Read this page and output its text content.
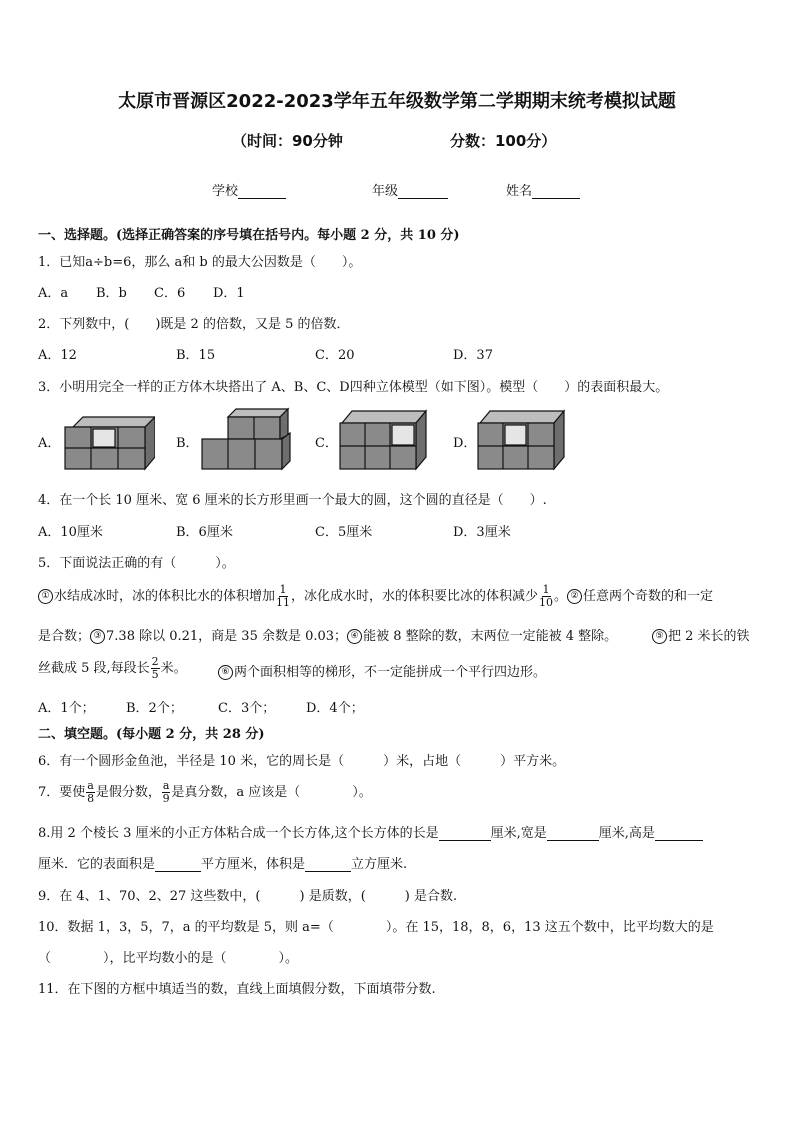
太原市晋源区2022-2023学年五年级数学第二学期期末统考模拟试题
（时间：90分钟	分数：100分）
学校	年级	姓名
一、选择题。(选择正确答案的序号填在括号内。每小题 2 分，共 10 分)
1．已知a÷b=6，那么 a和 b 的最大公因数是（　　）。
A．a B．b C．6 D．1
2．下列数中，(　　)既是 2 的倍数，又是 5 的倍数．
A．12	B．15	C．20	D．37
3．小明用完全一样的正方体木块搭出了 A、B、C、D四种立体模型（如下图）。模型（　　）的表面积最大。
A．	B．	C．	D．
4．在一个长 10 厘米、宽 6 厘米的长方形里画一个最大的圆，这个圆的直径是（　　）.
A．10厘米	B．6厘米	C．5厘米	D．3厘米
5．下面说法正确的有（　　　）。
① 水结成冰时，冰的体积比水的体积增加 $\frac{1}{11}$ ，冰化成水时，水的体积要比冰的体积减少 $\frac{1}{10}$ 。 ② 任意两个奇数的和一定
是合数； ③ 7.38 除以 0.21，商是 35 余数是 0.03； ④ 能被 8 整除的数，末两位一定能被 4 整除。	⑤ 把 2 米长的铁
丝截成 5 段,每段长 $\frac{2}{5}$ 米。	⑥ 两个面积相等的梯形，不一定能拼成一个平行四边形。
A．1个； B．2个；	C．3个； D．4个；
二、填空题。(每小题 2 分，共 28 分)
6．有一个圆形金鱼池，半径是 10 米，它的周长是（　　　）米，占地（　　　）平方米。
7．要使 $\frac{a}{8}$ 是假分数， $\frac{a}{9}$ 是真分数，a 应该是（　　　　）。
8.用 2 个棱长 3 厘米的小正方体粘合成一个长方体,这个长方体的长是	厘米,宽是	厘米,高是
厘米．它的表面积是	平方厘米，体积是	立方厘米.
9．在 4、1、70、2、27 这些数中，(　　　) 是质数，(　　　) 是合数.
10．数据 1，3，5，7，a 的平均数是 5，则 a=（　　　　）。在 15，18，8，6，13 这五个数中，比平均数大的是
（　　　　），比平均数小的是（　　　　）。
11．在下图的方框中填适当的数，直线上面填假分数，下面填带分数.
